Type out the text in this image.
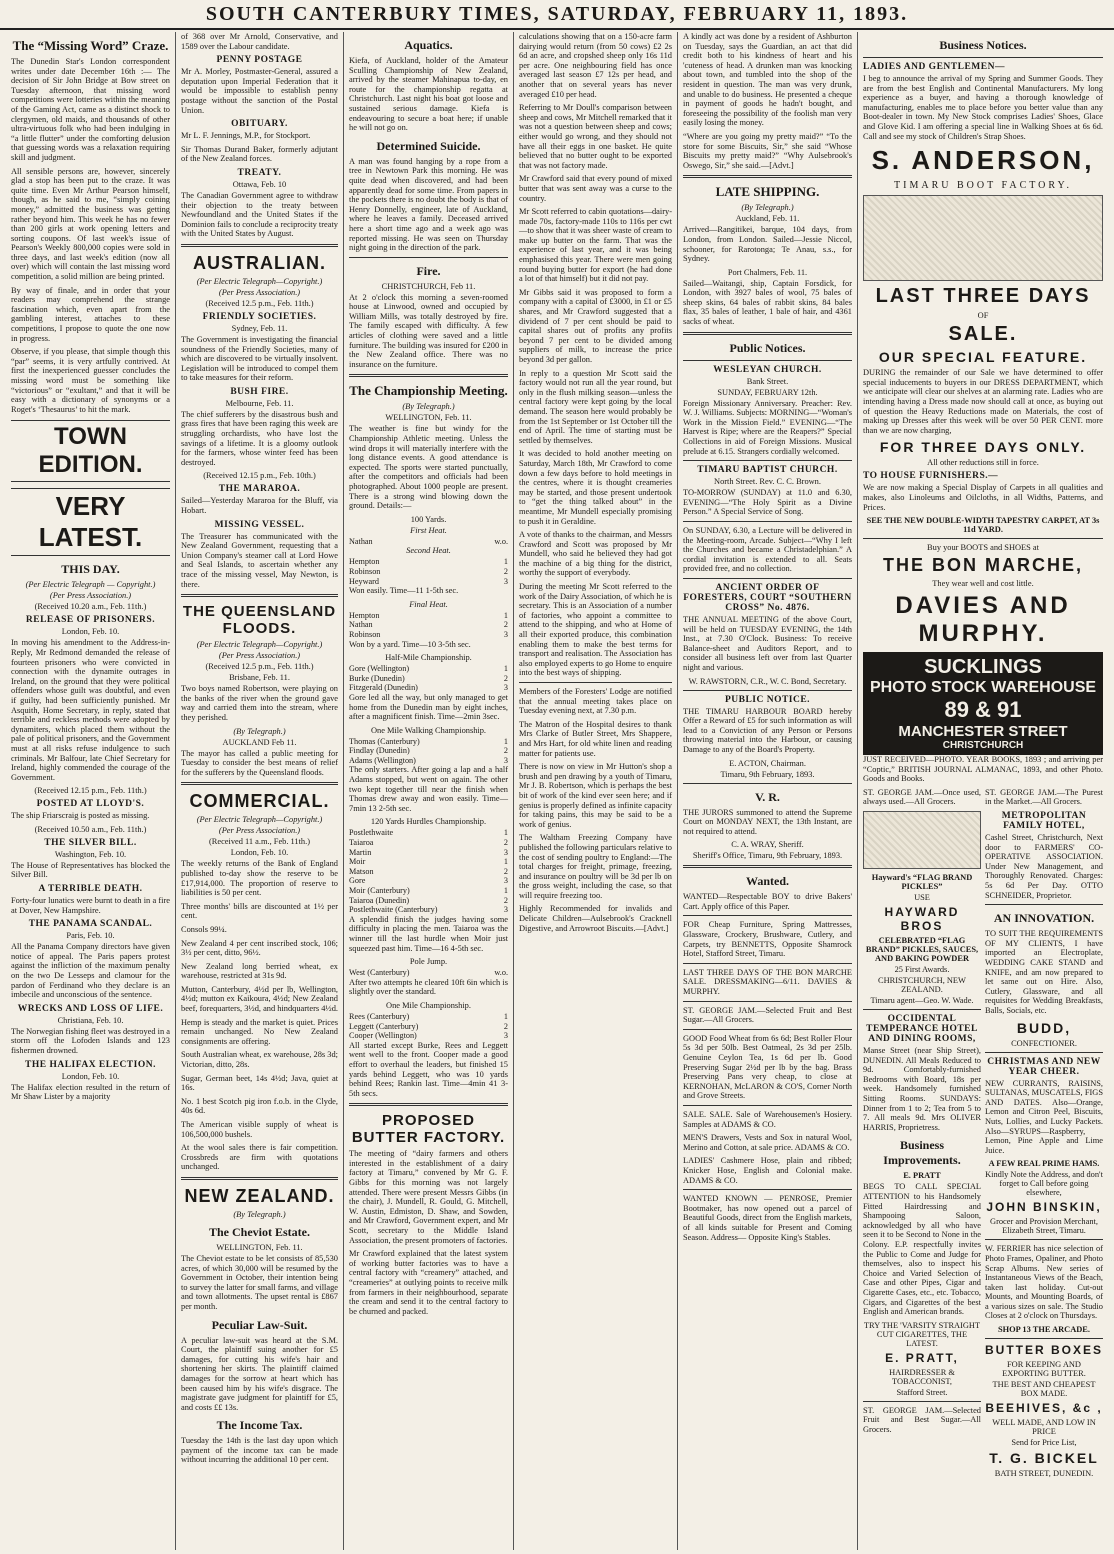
SOUTH CANTERBURY TIMES, SATURDAY, FEBRUARY 11, 1893.
The “Missing Word” Craze.

The Dunedin Star's London correspondent writes under date December 16th :— The decision of Sir John Bridge at Bow street on Tuesday afternoon, that missing word competitions were lotteries within the meaning of the Gaming Act, came as a distinct shock to clergymen, old maids, and thousands of other ultra-virtuous folk who had been indulging in “a little flutter” under the comforting delusion that guessing words was a relaxation requiring skill and judgment.

All sensible persons are, however, sincerely glad a stop has been put to the craze. It was quite time. Even Mr Arthur Pearson himself, though, as he said to me, “simply coining money,” admitted the business was getting rather beyond him. This week he has no fewer than 200 girls at work opening letters and sorting coupons. Of last week's issue of Pearson's Weekly 800,000 copies were sold in three days, and last week's edition (now all over) which will contain the last missing word competition, a solid million are being printed.

By way of finale, and in order that your readers may comprehend the strange fascination which, even apart from the gambling interest, attaches to these competitions, I propose to quote the one now in progress.

Observe, if you please, that simple though this “par” seems, it is very artfully contrived. At first the inexperienced guesser concludes the missing word must be something like “victorious” or “exultant,” and that it will be easy with a dictionary of synonyms or a Roget's ‘Thesaurus’ to hit the mark.

TOWN EDITION.
VERY LATEST.
THIS DAY.
(Per Electric Telegraph — Copyright.)
(Per Press Association.)
(Received 10.20 a.m., Feb. 11th.)
RELEASE OF PRISONERS.
London, Feb. 10.

In moving his amendment to the Address-in-Reply, Mr Redmond demanded the release of fourteen prisoners who were convicted in connection with the dynamite outrages in Ireland, on the ground that they were political offenders whose guilt was doubtful, and even if guilty, had been sufficiently punished. Mr Asquith, Home Secretary, in reply, stated that terrible and reckless methods were adopted by dynamiters, which placed them without the pale of political prisoners, and the Government must at all risks refuse indulgence to such criminals. Mr Balfour, late Chief Secretary for Ireland, highly commended the courage of the Government.

(Received 12.15 p.m., Feb. 11th.)
POSTED AT LLOYD'S.

The ship Friarscraig is posted as missing.

(Received 10.50 a.m., Feb. 11th.)
THE SILVER BILL.
Washington, Feb. 10.

The House of Representatives has blocked the Silver Bill.

A TERRIBLE DEATH.

Forty-four lunatics were burnt to death in a fire at Dover, New Hampshire.

THE PANAMA SCANDAL.
Paris, Feb. 10.

All the Panama Company directors have given notice of appeal. The Paris papers protest against the infliction of the maximum penalty on the two De Lesseps and clamour for the pardon of Ferdinand who they declare is an imbecile and unconscious of the sentence.

WRECKS AND LOSS OF LIFE.
Christiana, Feb. 10.

The Norwegian fishing fleet was destroyed in a storm off the Lofoden Islands and 123 fishermen drowned.

THE HALIFAX ELECTION.
London, Feb. 10.

The Halifax election resulted in the return of Mr Shaw Lister by a majority

of 368 over Mr Arnold, Conservative, and 1589 over the Labour candidate.

PENNY POSTAGE

Mr A. Morley, Postmaster-General, assured a deputation upon Imperial Federation that it would be impossible to establish penny postage without the sanction of the Postal Union.

OBITUARY.

Mr L. F. Jennings, M.P., for Stockport.

Sir Thomas Durand Baker, formerly adjutant of the New Zealand forces.

TREATY.
Ottawa, Feb. 10

The Canadian Government agree to withdraw their objection to the treaty between Newfoundland and the United States if the Dominion fails to conclude a reciprocity treaty with the United States by August.

AUSTRALIAN.
(Per Electric Telegraph—Copyright.)
(Per Press Association.)
(Received 12.5 p.m., Feb. 11th.)
FRIENDLY SOCIETIES.
Sydney, Feb. 11.

The Government is investigating the financial soundness of the Friendly Societies, many of which are discovered to be virtually insolvent. Legislation will be introduced to compel them to take measures for their reform.

BUSH FIRE.
Melbourne, Feb. 11.

The chief sufferers by the disastrous bush and grass fires that have been raging this week are struggling orchardists, who have lost the savings of a lifetime. It is a gloomy outlook for the farmers, whose winter feed has been destroyed.

(Received 12.15 p.m., Feb. 10th.)
THE MARAROA.

Sailed—Yesterday Mararoa for the Bluff, via Hobart.

MISSING VESSEL.

The Treasurer has communicated with the New Zealand Government, requesting that a Union Company's steamer call at Lord Howe and Seal Islands, to ascertain whether any trace of the missing vessel, May Newton, is there.

THE QUEENSLAND FLOODS.
(Per Electric Telegraph—Copyright.)
(Per Press Association.)
(Received 12.5 p.m., Feb. 11th.)
Brisbane, Feb. 11.

Two boys named Robertson, were playing on the banks of the river when the ground gave way and carried them into the stream, where they perished.

(By Telegraph.)
AUCKLAND Feb 11.

The mayor has called a public meeting for Tuesday to consider the best means of relief for the sufferers by the Queensland floods.

COMMERCIAL.
(Per Electric Telegraph—Copyright.)
(Per Press Association.)
(Received 11 a.m., Feb. 11th.)
London, Feb. 10.

The weekly returns of the Bank of England published to-day show the reserve to be £17,914,000. The proportion of reserve to liabilities is 50 per cent.

Three months' bills are discounted at 1½ per cent.

Consols 99¼.

New Zealand 4 per cent inscribed stock, 106; 3½ per cent, ditto, 96½.

New Zealand long berried wheat, ex warehouse, restricted at 31s 9d.

Mutton, Canterbury, 4½d per lb, Wellington, 4½d; mutton ex Kaikoura, 4½d; New Zealand beef, forequarters, 3½d, and hindquarters 4½d.

Hemp is steady and the market is quiet. Prices remain unchanged. No New Zealand consignments are offering.

South Australian wheat, ex warehouse, 28s 3d; Victorian, ditto, 28s.

Sugar, German beet, 14s 4½d; Java, quiet at 16s.

No. 1 best Scotch pig iron f.o.b. in the Clyde, 40s 6d.

The American visible supply of wheat is 106,500,000 bushels.

At the wool sales there is fair competition. Crossbreds are firm with quotations unchanged.

NEW ZEALAND.
(By Telegraph.)
The Cheviot Estate.
WELLINGTON, Feb. 11.

The Cheviot estate to be let consists of 85,530 acres, of which 30,000 will be resumed by the Government in October, their intention being to survey the latter for small farms, and village and town allotments. The upset rental is £867 per month.

Peculiar Law-Suit.

A peculiar law-suit was heard at the S.M. Court, the plaintiff suing another for £5 damages, for cutting his wife's hair and shortening her skirts. The plaintiff claimed damages for the sorrow at heart which has been caused him by his wife's disgrace. The magistrate gave judgment for plaintiff for £5, and costs ££ 13s.

The Income Tax.

Tuesday the 14th is the last day upon which payment of the income tax can be made without incurring the additional 10 per cent.

Aquatics.

Kiefa, of Auckland, holder of the Amateur Sculling Championship of New Zealand, arrived by the steamer Mahinapua to-day, en route for the championship regatta at Christchurch. Last night his boat got loose and sustained serious damage. Kiefa is endeavouring to secure a boat here; if unable he will not go on.

Determined Suicide.

A man was found hanging by a rope from a tree in Newtown Park this morning. He was quite dead when discovered, and had been apparently dead for some time. From papers in the pockets there is no doubt the body is that of Henry Donnelly, engineer, late of Auckland, where he leaves a family. Deceased arrived here a short time ago and a week ago was reported missing. He was seen on Thursday night going in the direction of the park.

Fire.
CHRISTCHURCH, Feb 11.

At 2 o'clock this morning a seven-roomed house at Linwood, owned and occupied by William Mills, was totally destroyed by fire. The family escaped with difficulty. A few articles of clothing were saved and a little furniture. The building was insured for £200 in the New Zealand office. There was no insurance on the furniture.

The Championship Meeting.
(By Telegraph.)
WELLINGTON, Feb. 11.

The weather is fine but windy for the Championship Athletic meeting. Unless the wind drops it will materially interfere with the long distance events. A good attendance is expected. The sports were started punctually, after the competitors and officials had been photographed. About 1000 people are present. There is a strong wind blowing down the ground. Details:—

100 Yards.
First Heat.
Nathan	w.o.
Second Heat.
Hempton	1
Robinson	2
Heyward	3

Won easily. Time—11 1-5th sec.

Final Heat.
Hempton	1
Nathan	2
Robinson	3

Won by a yard. Time—10 3-5th sec.

Half-Mile Championship.
Gore (Wellington)	1
Burke (Dunedin)	2
Fitzgerald (Dunedin)	3

Gore led all the way, but only managed to get home from the Dunedin man by eight inches, after a magnificent finish. Time—2min 3sec.

One Mile Walking Championship.
Thomas (Canterbury)	1
Findlay (Dunedin)	2
Adams (Wellington)	3

The only starters. After going a lap and a half Adams stopped, but went on again. The other two kept together till near the finish when Thomas drew away and won easily. Time—7min 13 2-5th sec.

120 Yards Hurdles Championship.
Postlethwaite	1
Taiaroa	2
Martin	3
Moir	1
Matson	2
Gore	3
Moir (Canterbury)	1
Taiaroa (Dunedin)	2
Postlethwaite (Canterbury)	3

A splendid finish the judges having some difficulty in placing the men. Taiaroa was the winner till the last hurdle when Moir just squeezed past him. Time—16 4-5th sec.

Pole Jump.
West (Canterbury)	w.o.

After two attempts he cleared 10ft 6in which is slightly over the standard.

One Mile Championship.
Rees (Canterbury)	1
Leggett (Canterbury)	2
Cooper (Wellington)	3

All started except Burke, Rees and Leggett went well to the front. Cooper made a good effort to overhaul the leaders, but finished 15 yards behind Leggett, who was 10 yards behind Rees; Rankin last. Time—4min 41 3-5th secs.

PROPOSED BUTTER FACTORY.

The meeting of “dairy farmers and others interested in the establishment of a dairy factory at Timaru,” convened by Mr G. F. Gibbs for this morning was not largely attended. There were present Messrs Gibbs (in the chair), J. Mundell, R. Gould, G. Mitchell, W. Austin, Edmiston, D. Shaw, and Sowden, and Mr Crawford, Government expert, and Mr Scott, secretary to the Middle Island Association, the present promoters of factories.

Mr Crawford explained that the latest system of working butter factories was to have a central factory with “creamery” attached, and “creameries” at outlying points to receive milk from farmers in their neighbourhood, separate the cream and send it to the central factory to be churned and packed.

calculations showing that on a 150-acre farm dairying would return (from 50 cows) £2 2s 6d an acre, and cropshed sheep only 16s 11d per acre. One neighbouring field has once averaged last season £7 12s per head, and another that on several years has never averaged £10 per head.

Referring to Mr Doull's comparison between sheep and cows, Mr Mitchell remarked that it was not a question between sheep and cows; either would go wrong, and they should not have all their eggs in one basket. He quite believed that no butter ought to be exported that was not factory made.

Mr Crawford said that every pound of mixed butter that was sent away was a curse to the country.

Mr Scott referred to cabin quotations—dairy-made 70s, factory-made 110s to 116s per cwt—to show that it was sheer waste of cream to make up butter on the farm. That was the experience of last year, and it was being emphasised this year. There were men going round buying butter for export (he had done a lot of that himself) but it did not pay.

Mr Gibbs said it was proposed to form a company with a capital of £3000, in £1 or £5 shares, and Mr Crawford suggested that a dividend of 7 per cent should be paid to capital shares out of profits any profits beyond 7 per cent to be divided among suppliers of milk, to increase the price beyond 3d per gallon.

In reply to a question Mr Scott said the factory would not run all the year round, but only in the flush milking season—unless the central factory were kept going by the local demand. The season here would probably be from the 1st September or 1st October till the end of April. The time of starting must be settled by themselves.

It was decided to hold another meeting on Saturday, March 18th, Mr Crawford to come down a few days before to hold meetings in the centres, where it is thought creameries may be started, and those present undertook to “get the thing talked about” in the meantime, Mr Mundell especially promising to push it in Geraldine.

A vote of thanks to the chairman, and Messrs Crawford and Scott was proposed by Mr Mundell, who said he believed they had got the machine of a big thing for the district, worthy the support of everybody.

During the meeting Mr Scott referred to the work of the Dairy Association, of which he is secretary. This is an Association of a number of factories, who appoint a committee to attend to the shipping, and who at Home of all their exported produce, this combination enabling them to make the best terms for transport and realisation. The Association has also employed experts to go Home to enquire into the best ways of shipping.

Members of the Foresters' Lodge are notified that the annual meeting takes place on Tuesday evening next, at 7.30 p.m.

The Matron of the Hospital desires to thank Mrs Clarke of Butler Street, Mrs Shappere, and Mrs Hart, for old white linen and reading matter for patients use.

There is now on view in Mr Hutton's shop a brush and pen drawing by a youth of Timaru, Mr J. B. Robertson, which is perhaps the best bit of work of the kind ever seen here; and if genius is properly defined as infinite capacity for taking pains, this may be said to be a work of genius.

The Waltham Freezing Company have published the following particulars relative to the cost of sending poultry to England:—The total charges for freight, primage, freezing, and insurance on poultry will be 3d per lb on the gross weight, including the case, so that will require freezing too.

Highly Recommended for invalids and Delicate Children—Aulsebrook's Cracknell Digestive, and Arrowroot Biscuits.—[Advt.]

A kindly act was done by a resident of Ashburton on Tuesday, says the Guardian, an act that did credit both to his kindness of heart and his 'cuteness of head. A drunken man was knocking about town, and tumbled into the shop of the resident in question. The man was very drunk, and unable to do business. He presented a cheque in payment of goods he hadn't bought, and foreseeing the possibility of the foolish man very easily losing the money.

“Where are you going my pretty maid?” “To the store for some Biscuits, Sir,” she said “Whose Biscuits my pretty maid?” “Why Aulsebrook's Oswego, Sir,” she said.—[Advt.]

LATE SHIPPING.
(By Telegraph.)
Auckland, Feb. 11.

Arrived—Rangitikei, barque, 104 days, from London, from London. Sailed—Jessie Niccol, schooner, for Rarotonga; Te Anau, s.s., for Sydney.

Port Chalmers, Feb. 11.

Sailed—Waitangi, ship, Captain Forsdick, for London, with 3927 bales of wool, 75 bales of sheep skins, 64 bales of rabbit skins, 84 bales flax, 35 bales of leather, 1 bale of hair, and 4361 sacks of wheat.

Public Notices.
WESLEYAN CHURCH.
Bank Street.
SUNDAY, FEBRUARY 12th.

Foreign Missionary Anniversary. Preacher: Rev. W. J. Williams. Subjects: MORNING—“Woman's Work in the Mission Field.” EVENING—“The Harvest is Ripe; where are the Reapers?” Special Collections in aid of Foreign Missions. Musical prelude at 6.15. Strangers cordially welcomed.

TIMARU BAPTIST CHURCH.
North Street. Rev. C. C. Brown.

TO-MORROW (SUNDAY) at 11.0 and 6.30, EVENING—“The Holy Spirit as a Divine Person.” A Special Service of Song.

On SUNDAY, 6.30, a Lecture will be delivered in the Meeting-room, Arcade. Subject—“Why I left the Churches and became a Christadelphian.” A cordial invitation is extended to all. Seats provided free, and no collection.

ANCIENT ORDER OF FORESTERS, COURT “SOUTHERN CROSS” No. 4876.

THE ANNUAL MEETING of the above Court, will be held on TUESDAY EVENING, the 14th Inst., at 7.30 O'Clock. Business: To receive Balance-sheet and Auditors Report, and to consider all business left over from last Quarter night and various.

W. RAWSTORN, C.R., W. C. Bond, Secretary.
PUBLIC NOTICE.

THE TIMARU HARBOUR BOARD hereby Offer a Reward of £5 for such information as will lead to a Conviction of any Person or Persons throwing material into the Harbour, or causing Damage to any of the Board's Property.

E. ACTON, Chairman.
Timaru, 9th February, 1893.
V. R.

THE JURORS summoned to attend the Supreme Court on MONDAY NEXT, the 13th Instant, are not required to attend.

C. A. WRAY, Sheriff.
Sheriff's Office, Timaru, 9th February, 1893.
Wanted.

WANTED—Respectable BOY to drive Bakers' Cart. Apply office of this Paper.

FOR Cheap Furniture, Spring Mattresses, Glassware, Crockery, Brushware, Cutlery, and Carpets, try BENNETTS, Opposite Shamrock Hotel, Stafford Street, Timaru.

LAST THREE DAYS OF THE BON MARCHE SALE. DRESSMAKING—6/11. DAVIES & MURPHY.

ST. GEORGE JAM.—Selected Fruit and Best Sugar.—All Grocers.

GOOD Food Wheat from 6s 6d; Best Roller Flour 5s 3d per 50lb. Best Oatmeal, 2s 3d per 25lb. Genuine Ceylon Tea, 1s 6d per lb. Good Preserving Sugar 2½d per lb by the bag. Brass Preserving Pans very cheap, to close at KERNOHAN, McLARON & CO'S, Corner North and Grove Streets.

SALE. SALE. Sale of Warehousemen's Hosiery. Samples at ADAMS & CO.

MEN'S Drawers, Vests and Sox in natural Wool, Merino and Cotton, at sale price. ADAMS & CO.

LADIES' Cashmere Hose, plain and ribbed; Knicker Hose, English and Colonial make. ADAMS & CO.

WANTED KNOWN — PENROSE, Premier Bootmaker, has now opened out a parcel of Beautiful Goods, direct from the English markets, of all kinds suitable for Present and Coming Season. Address— Opposite King's Stables.

Business Notices.
LADIES AND GENTLEMEN—

I beg to announce the arrival of my Spring and Summer Goods. They are from the best English and Continental Manufacturers. My long experience as a buyer, and having a thorough knowledge of manufacturing, enables me to place before you better value than any Boot-dealer in town. My New Stock comprises Ladies' Shoes, Glace and Glove Kid. I am offering a special line in Walking Shoes at 6s 6d. Call and see my stock of Children's Strap Shoes.

S. ANDERSON,
TIMARU BOOT FACTORY.
LAST THREE DAYS
OF
SALE.
OUR SPECIAL FEATURE.

DURING the remainder of our Sale we have determined to offer special inducements to buyers in our DRESS DEPARTMENT, which we anticipate will clear our shelves at an alarming rate. Ladies who are intending having a Dress made now should call at once, as buying out of question the Heavy Reductions made on Materials, the cost of making up Dresses after this week will be over 50 PER CENT. more than we are now charging,

FOR THREE DAYS ONLY.
All other reductions still in force.
TO HOUSE FURNISHERS.—

We are now making a Special Display of Carpets in all qualities and makes, also Linoleums and Oilcloths, in all Widths, Patterns, and Prices.

SEE THE NEW DOUBLE-WIDTH TAPESTRY CARPET, AT 3s 11d YARD.
Buy your BOOTS and SHOES at
THE BON MARCHE,
They wear well and cost little.
DAVIES AND MURPHY.
SUCKLINGS
PHOTO STOCK WAREHOUSE
89 & 91
MANCHESTER STREET
CHRISTCHURCH

JUST RECEIVED—PHOTO. YEAR BOOKS, 1893 ; and arriving per “Coptic,” BRITISH JOURNAL ALMANAC, 1893, and other Photo. Goods and Books.

ST. GEORGE JAM.—Once used, always used.—All Grocers.

Hayward's “FLAG BRAND PICKLES”
USE
HAYWARD BROS
CELEBRATED “FLAG BRAND” PICKLES, SAUCES, AND BAKING POWDER
25 First Awards.
CHRISTCHURCH, NEW ZEALAND.
Timaru agent—Geo. W. Wade.
OCCIDENTAL TEMPERANCE HOTEL AND DINING ROOMS,

Manse Street (near Ship Street), DUNEDIN. All Meals Reduced to 9d. Comfortably-furnished Bedrooms with Board, 18s per week. Handsomely furnished Sitting Rooms. SUNDAYS: Dinner from 1 to 2; Tea from 5 to 7. All meals 9d. Mrs OLIVER HARRIS, Proprietress.

Business Improvements.
E. PRATT

BEGS TO CALL SPECIAL ATTENTION to his Handsomely Fitted Hairdressing and Shampooing Saloon, acknowledged by all who have seen it to be Second to None in the Colony. E.P. respectfully invites the Public to Come and Judge for themselves, also to inspect his Choice and Varied Selection of Case and other Pipes, Cigar and Cigarette Cases, etc., etc. Tobacco, Cigars, and Cigarettes of the best English and American brands.

TRY THE 'VARSITY STRAIGHT CUT CIGARETTES, THE LATEST.
E. PRATT,
HAIRDRESSER & TOBACCONIST,
Stafford Street.

ST. GEORGE JAM.—Selected Fruit and Best Sugar.—All Grocers.

ST. GEORGE JAM.—The Purest in the Market.—All Grocers.

METROPOLITAN FAMILY HOTEL,

Cashel Street, Christchurch, Next door to FARMERS' CO-OPERATIVE ASSOCIATION. Under New Management, and Thoroughly Renovated. Charges: 5s 6d Per Day. OTTO SCHNEIDER, Proprietor.

AN INNOVATION.

TO SUIT THE REQUIREMENTS OF MY CLIENTS, I have imported an Electroplate, WEDDING CAKE STAND and KNIFE, and am now prepared to let same out on Hire. Also, Cutlery, Glassware, and all requisites for Wedding Breakfasts, Balls, Socials, etc.

BUDD,
CONFECTIONER.
CHRISTMAS AND NEW YEAR CHEER.

NEW CURRANTS, RAISINS, SULTANAS, MUSCATELS, FIGS AND DATES. Also—Orange, Lemon and Citron Peel, Biscuits, Nuts, Lollies, and Lucky Packets. Also—SYRUPS—Raspberry, Lemon, Pine Apple and Lime Juice.

A FEW REAL PRIME HAMS.
Kindly Note the Address, and don't forget to Call before going elsewhere,
JOHN BINSKIN,
Grocer and Provision Merchant, Elizabeth Street, Timaru.

W. FERRIER has nice selection of Photo Frames, Opaliner, and Photo Scrap Albums. New series of Instantaneous Views of the Beach, taken last holiday. Cut-out Mounts, and Mounting Boards, of a various sizes on sale. The Studio Closes at 2 o'clock on Thursdays.

SHOP 13 THE ARCADE.
BUTTER BOXES
FOR KEEPING AND EXPORTING BUTTER.
THE BEST AND CHEAPEST BOX MADE.
BEEHIVES, &c ,
WELL MADE, AND LOW IN PRICE
Send for Price List,
T. G. BICKEL
BATH STREET, DUNEDIN.
